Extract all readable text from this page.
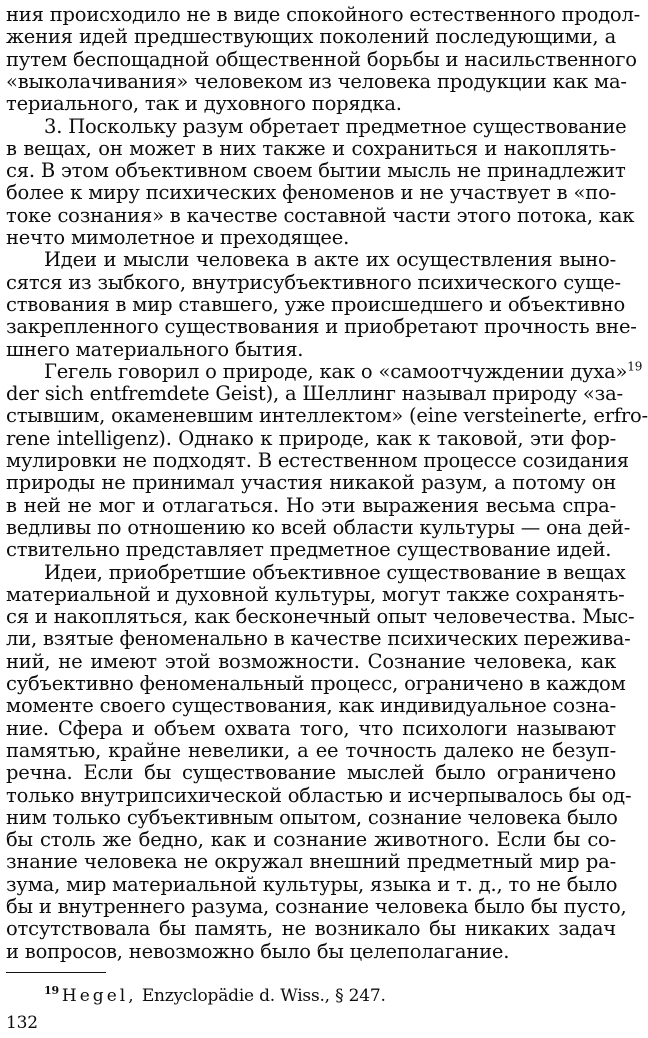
ния происходило не в виде спокойного естественного продол-
жения идей предшествующих поколений последующими, а
путем беспощадной общественной борьбы и насильственного
«выколачивания» человеком из человека продукции как ма-
териального, так и духовного порядка.
3. Поскольку разум обретает предметное существование
в вещах, он может в них также и сохраниться и накоплять-
ся. В этом объективном своем бытии мысль не принадлежит
более к миру психических феноменов и не участвует в «по-
токе сознания» в качестве составной части этого потока, как
нечто мимолетное и преходящее.
Идеи и мысли человека в акте их осуществления выно-
сятся из зыбкого, внутрисубъективного психического суще-
ствования в мир ставшего, уже происшедшего и объективно
закрепленного существования и приобретают прочность вне-
шнего материального бытия.
Гегель говорил о природе, как о «самоотчуждении духа»$^{19}$
der sich entfremdete Geist), а Шеллинг называл природу «за-
стывшим, окаменевшим интеллектом» (eine versteinerte, erfro-
rene intelligenz). Однако к природе, как к таковой, эти фор-
мулировки не подходят. В естественном процессе созидания
природы не принимал участия никакой разум, а потому он
в ней не мог и отлагаться. Но эти выражения весьма спра-
ведливы по отношению ко всей области культуры — она дей-
ствительно представляет предметное существование идей.
Идеи, приобретшие объективное существование в вещах
материальной и духовной культуры, могут также сохранять-
ся и накопляться, как бесконечный опыт человечества. Мыс-
ли, взятые феноменально в качестве психических пережива-
ний, не имеют этой возможности. Сознание человека, как
субъективно феноменальный процесс, ограничено в каждом
моменте своего существования, как индивидуальное созна-
ние. Сфера и объем охвата того, что психологи называют
памятью, крайне невелики, а ее точность далеко не безуп-
речна. Если бы существование мыслей было ограничено
только внутрипсихической областью и исчерпывалось бы од-
ним только субъективным опытом, сознание человека было
бы столь же бедно, как и сознание животного. Если бы со-
знание человека не окружал внешний предметный мир ра-
зума, мир материальной культуры, языка и т. д., то не было
бы и внутреннего разума, сознание человека было бы пусто,
отсутствовала бы память, не возникало бы никаких задач
и вопросов, невозможно было бы целеполагание.
$^{19}$ Hegel, Enzyclopädie d. Wiss., § 247.
132
